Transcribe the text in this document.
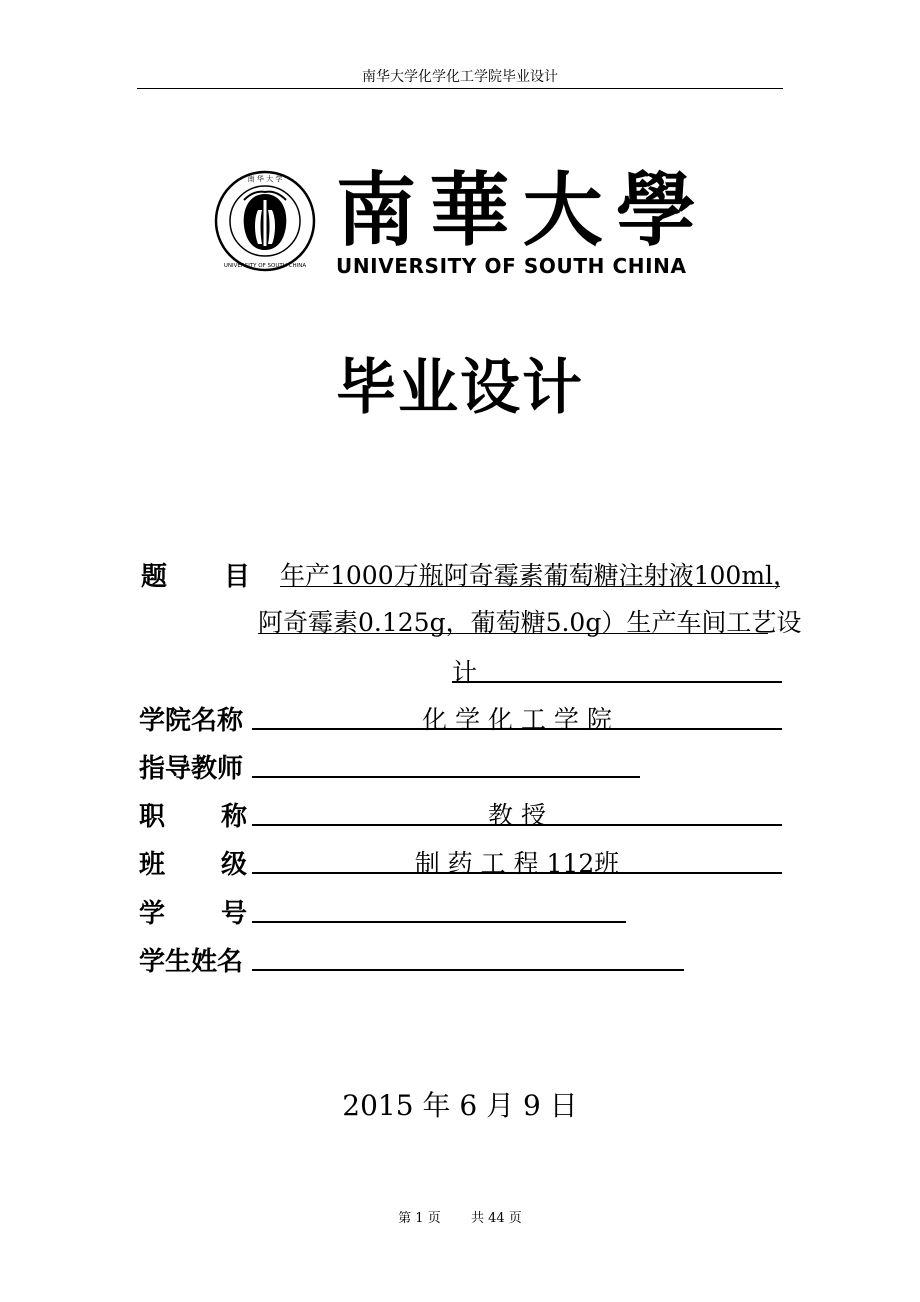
南华大学化学化工学院毕业设计
南 华 大 学
UNIVERSITY OF SOUTH CHINA
南 華 大 學
UNIVERSITY OF SOUTH CHINA
毕业设计
题 目 年产1000万瓶阿奇霉素葡萄糖注射液100ml，
阿奇霉素0.125g，葡萄糖5.0g）生产车间工艺设
计
学院名称	化 学 化 工 学 院
指导教师
职 称	教 授
班 级	制 药 工 程 112班
学 号
学生姓名
2015 年 6 月 9 日
第 1 页 共 44 页
